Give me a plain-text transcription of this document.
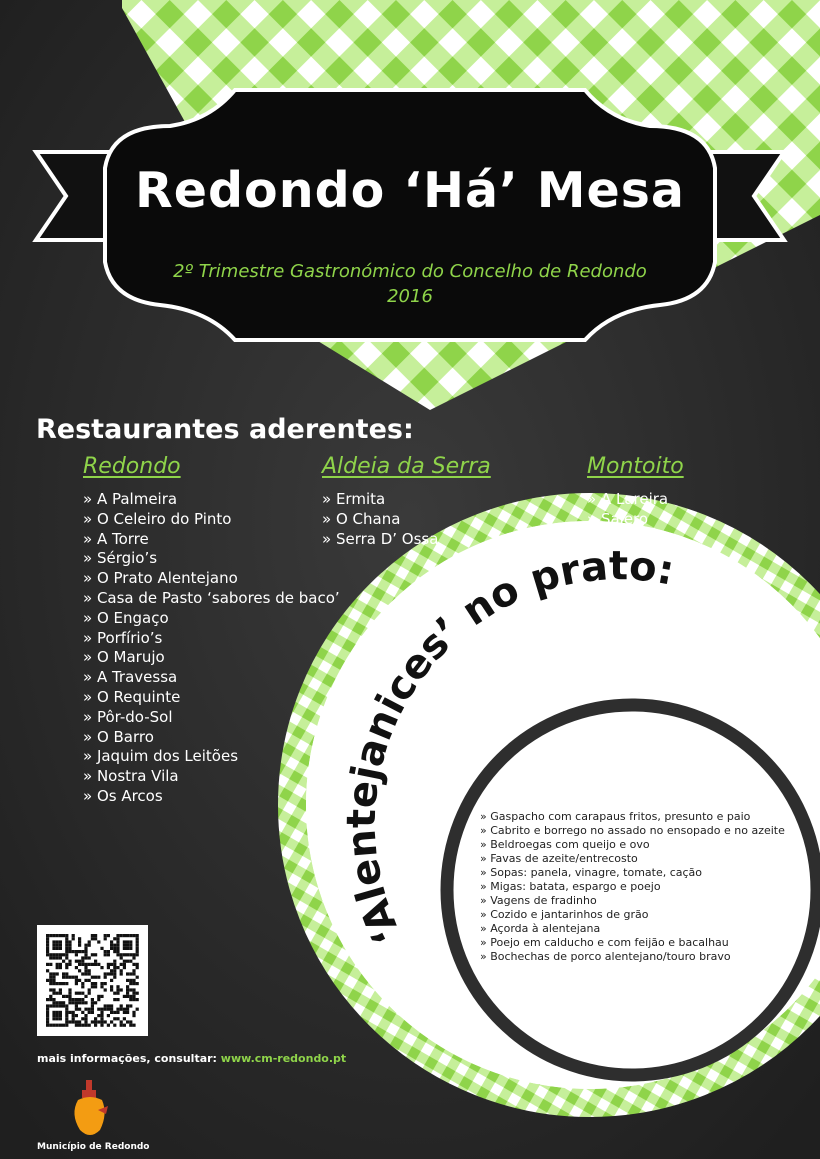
‘Alentejanices’ no prato:
Redondo ‘Há’ Mesa
2º Trimestre Gastronómico do Concelho de Redondo
2016
Restaurantes aderentes:
Redondo
» A Palmeira
» O Celeiro do Pinto
» A Torre
» Sérgio’s
» O Prato Alentejano
» Casa de Pasto ‘sabores de baco’
» O Engaço
» Porfírio’s
» O Marujo
» A Travessa
» O Requinte
» Pôr-do-Sol
» O Barro
» Jaquim dos Leitões
» Nostra Vila
» Os Arcos
Aldeia da Serra
» Ermita
» O Chana
» Serra D’ Ossa
Montoito
» A Lareira
» Salero
» Gaspacho com carapaus fritos, presunto e paio
» Cabrito e borrego no assado no ensopado e no azeite
» Beldroegas com queijo e ovo
» Favas de azeite/entrecosto
» Sopas: panela, vinagre, tomate, cação
» Migas: batata, espargo e poejo
» Vagens de fradinho
» Cozido e jantarinhos de grão
» Açorda à alentejana
» Poejo em calducho e com feijão e bacalhau
» Bochechas de porco alentejano/touro bravo
mais informações, consultar: www.cm-redondo.pt
Município de Redondo
